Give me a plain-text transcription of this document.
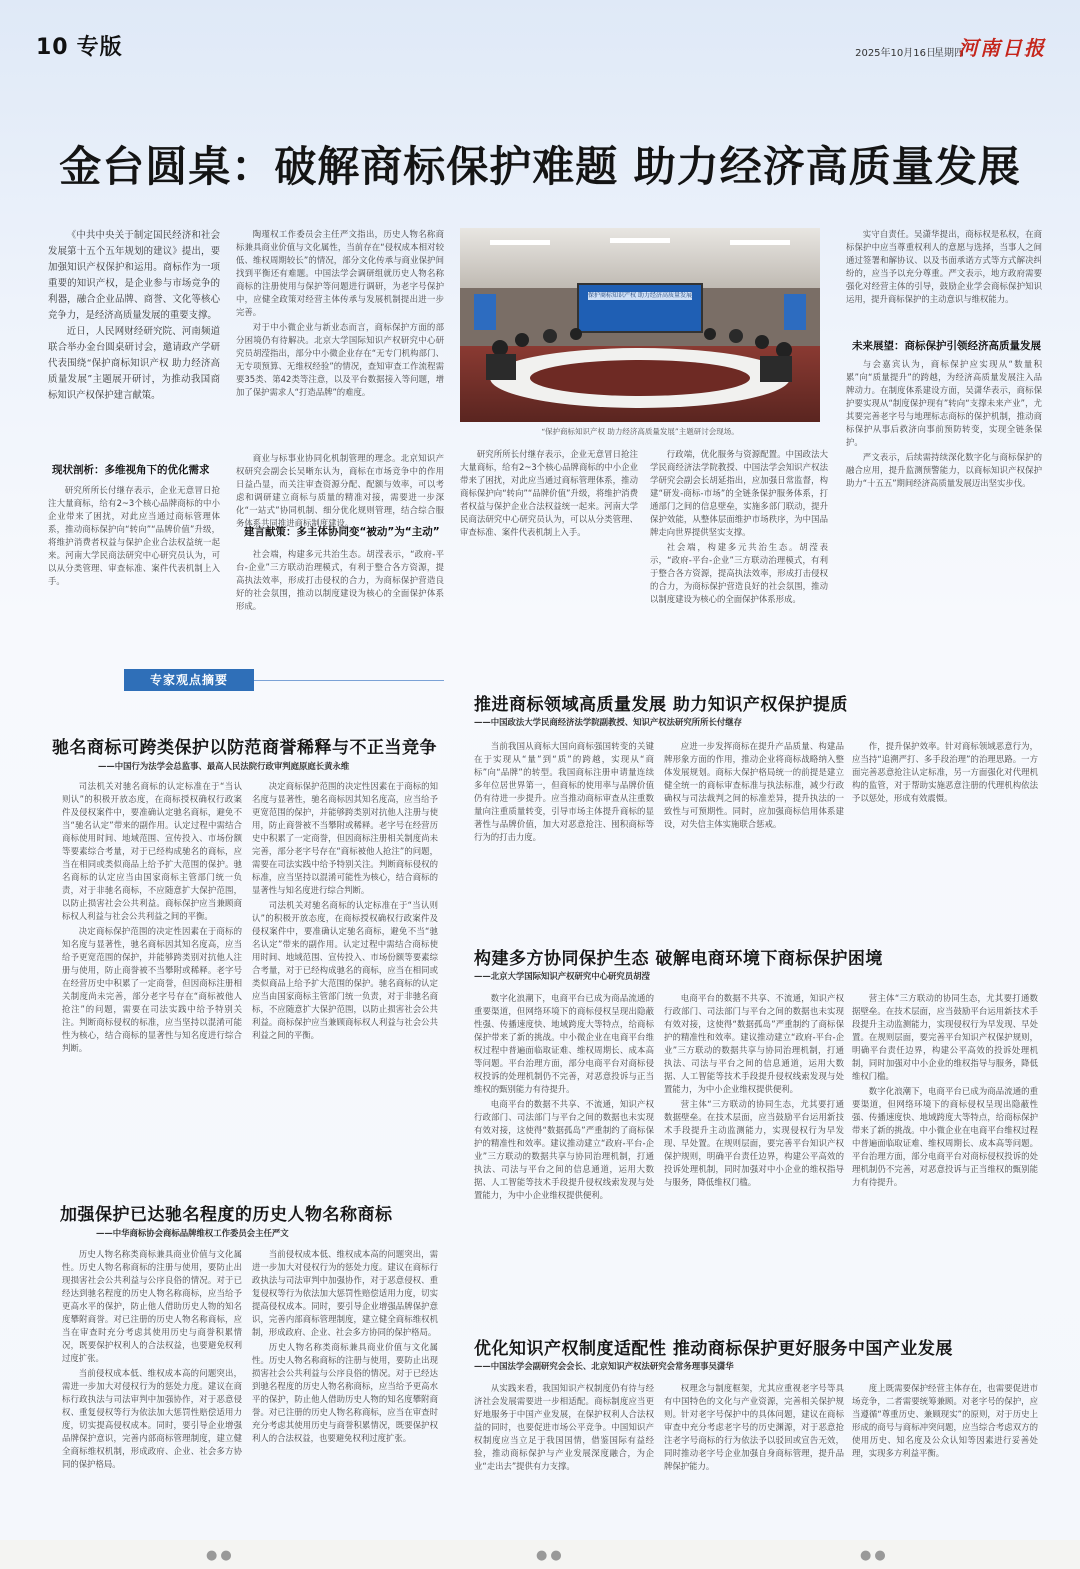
10 专版	2025年10月16日
星期四
河南日报
金台圆桌：破解商标保护难题 助力经济高质量发展

《中共中央关于制定国民经济和社会发展第十五个五年规划的建议》提出，要加强知识产权保护和运用。商标作为一项重要的知识产权，是企业参与市场竞争的利器，融合企业品牌、商誉、文化等核心竞争力，是经济高质量发展的重要支撑。

近日，人民网财经研究院、河南频道联合举办金台圆桌研讨会，邀请政产学研代表围绕“保护商标知识产权 助力经济高质量发展”主题展开研讨，为推动我国商标知识产权保护建言献策。

陶瑾权工作委员会主任严文指出，历史人物名称商标兼具商业价值与文化属性，当前存在“侵权成本相对较低、维权周期较长”的情况，部分文化传承与商业保护间找到平衡还有难题。中国法学会调研组就历史人物名称商标的注册使用与保护等问题进行调研，为老字号保护中，应健全政策对经营主体传承与发展机制提出进一步完善。

对于中小微企业与新业态而言，商标保护方面的部分困境仍有待解决。北京大学国际知识产权研究中心研究员胡滢指出，部分中小微企业存在“无专门机构部门、无专项预算、无维权经验”的情况，查知审查工作流程需要35类、第42类等注意，以及平台数据接入等问题，增加了保护需求人“打造品牌”的难度。

商业与标事业协同化机制管理的理念。北京知识产权研究会副会长吴晰东认为，商标在市场竞争中的作用日益凸显，而关注审查资源分配、配额与效率，可以考虑和调研建立商标与质量的精准对接，需要进一步深化“一站式”协同机制、细分优化规则管理，结合综合服务体系共同推进商标制度建设。

现状剖析：多维视角下的优化需求

研究所所长付继存表示，企业无意冒日抢注大量商标，给有2~3个核心品牌商标的中小企业带来了困扰，对此应当通过商标管理体系，推动商标保护向“转向”“品牌价值”升级，将维护消费者权益与保护企业合法权益统一起来。河南大学民商法研究中心研究员认为，可以从分类管理、审查标准、案件代表机制上入手。

建言献策：多主体协同变“被动”为“主动”

社会端，构建多元共治生态。胡滢表示，“政府-平台-企业”三方联动治理模式，有利于整合各方资源，提高执法效率，形成打击侵权的合力，为商标保护营造良好的社会氛围，推动以制度建设为核心的全面保护体系形成。

保护商标知识产权 助力经济高质量发展
“保护商标知识产权 助力经济高质量发展”主题研讨会现场。

研究所所长付继存表示，企业无意冒日抢注大量商标，给有2~3个核心品牌商标的中小企业带来了困扰，对此应当通过商标管理体系，推动商标保护向“转向”“品牌价值”升级，将维护消费者权益与保护企业合法权益统一起来。河南大学民商法研究中心研究员认为，可以从分类管理、审查标准、案件代表机制上入手。

行政端，优化服务与资源配置。中国政法大学民商经济法学院教授、中国法学会知识产权法学研究会副会长胡延指出，应加强日常监督，构建“研发-商标-市场”的全链条保护服务体系，打通部门之间的信息壁垒，实施多部门联动，提升保护效能，从整体层面维护市场秩序，为中国品牌走向世界提供坚实支撑。

社会端，构建多元共治生态。胡滢表示，“政府-平台-企业”三方联动治理模式，有利于整合各方资源，提高执法效率，形成打击侵权的合力，为商标保护营造良好的社会氛围，推动以制度建设为核心的全面保护体系形成。

实守自责任。吴潇华提出，商标权是私权，在商标保护中应当尊重权利人的意愿与选择，当事人之间通过签署和解协议、以及书面承诺方式等方式解决纠纷的，应当予以充分尊重。严文表示，地方政府需要强化对经营主体的引导，鼓励企业学会商标保护知识运用，提升商标保护的主动意识与维权能力。

未来展望：商标保护引领经济高质量发展

与会嘉宾认为，商标保护应实现从“数量积累”向“质量提升”的跨越，为经济高质量发展注入品牌动力。在制度体系建设方面，吴潇华表示，商标保护要实现从“制度保护现有”转向“支撑未来产业”，尤其要完善老字号与地理标志商标的保护机制，推动商标保护从事后救济向事前预防转变，实现全链条保护。

严文表示，后续需持续深化数字化与商标保护的融合应用，提升监测预警能力，以商标知识产权保护助力“十五五”期间经济高质量发展迈出坚实步伐。

专家观点摘要
驰名商标可跨类保护以防范商誉稀释与不正当竞争
——中国行为法学会总监事、最高人民法院行政审判庭原庭长黄永维

司法机关对驰名商标的认定标准在于“当认则认”的积极开放态度，在商标授权确权行政案件及侵权案件中，要准确认定驰名商标，避免不当“驰名认定”带来的副作用。认定过程中需结合商标使用时间、地域范围、宣传投入、市场份额等要素综合考量，对于已经构成驰名的商标，应当在相同或类似商品上给予扩大范围的保护。驰名商标的认定应当由国家商标主管部门统一负责，对于非驰名商标，不应随意扩大保护范围，以防止损害社会公共利益。商标保护应当兼顾商标权人利益与社会公共利益之间的平衡。

决定商标保护范围的决定性因素在于商标的知名度与显著性，驰名商标因其知名度高，应当给予更宽范围的保护，并能够跨类别对抗他人注册与使用，防止商誉被不当攀附或稀释。老字号在经营历史中积累了一定商誉，但因商标注册相关制度尚未完善，部分老字号存在“商标被他人抢注”的问题，需要在司法实践中给予特别关注。判断商标侵权的标准，应当坚持以混淆可能性为核心，结合商标的显著性与知名度进行综合判断。

决定商标保护范围的决定性因素在于商标的知名度与显著性，驰名商标因其知名度高，应当给予更宽范围的保护，并能够跨类别对抗他人注册与使用，防止商誉被不当攀附或稀释。老字号在经营历史中积累了一定商誉，但因商标注册相关制度尚未完善，部分老字号存在“商标被他人抢注”的问题，需要在司法实践中给予特别关注。判断商标侵权的标准，应当坚持以混淆可能性为核心，结合商标的显著性与知名度进行综合判断。

司法机关对驰名商标的认定标准在于“当认则认”的积极开放态度，在商标授权确权行政案件及侵权案件中，要准确认定驰名商标，避免不当“驰名认定”带来的副作用。认定过程中需结合商标使用时间、地域范围、宣传投入、市场份额等要素综合考量，对于已经构成驰名的商标，应当在相同或类似商品上给予扩大范围的保护。驰名商标的认定应当由国家商标主管部门统一负责，对于非驰名商标，不应随意扩大保护范围，以防止损害社会公共利益。商标保护应当兼顾商标权人利益与社会公共利益之间的平衡。

加强保护已达驰名程度的历史人物名称商标
——中华商标协会商标品牌维权工作委员会主任严文

历史人物名称类商标兼具商业价值与文化属性。历史人物名称商标的注册与使用，要防止出现损害社会公共利益与公序良俗的情况。对于已经达到驰名程度的历史人物名称商标，应当给予更高水平的保护，防止他人借助历史人物的知名度攀附商誉。对已注册的历史人物名称商标，应当在审查时充分考虑其使用历史与商誉积累情况，既要保护权利人的合法权益，也要避免权利过度扩张。

当前侵权成本低、维权成本高的问题突出，需进一步加大对侵权行为的惩处力度。建议在商标行政执法与司法审判中加强协作，对于恶意侵权、重复侵权等行为依法加大惩罚性赔偿适用力度，切实提高侵权成本。同时，要引导企业增强品牌保护意识，完善内部商标管理制度，建立健全商标维权机制，形成政府、企业、社会多方协同的保护格局。

当前侵权成本低、维权成本高的问题突出，需进一步加大对侵权行为的惩处力度。建议在商标行政执法与司法审判中加强协作，对于恶意侵权、重复侵权等行为依法加大惩罚性赔偿适用力度，切实提高侵权成本。同时，要引导企业增强品牌保护意识，完善内部商标管理制度，建立健全商标维权机制，形成政府、企业、社会多方协同的保护格局。

历史人物名称类商标兼具商业价值与文化属性。历史人物名称商标的注册与使用，要防止出现损害社会公共利益与公序良俗的情况。对于已经达到驰名程度的历史人物名称商标，应当给予更高水平的保护，防止他人借助历史人物的知名度攀附商誉。对已注册的历史人物名称商标，应当在审查时充分考虑其使用历史与商誉积累情况，既要保护权利人的合法权益，也要避免权利过度扩张。

推进商标领域高质量发展 助力知识产权保护提质
——中国政法大学民商经济法学院副教授、知识产权法研究所所长付继存

当前我国从商标大国向商标强国转变的关键在于实现从“量”到“质”的跨越，实现从“商标”向“品牌”的转型。我国商标注册申请量连续多年位居世界第一，但商标的使用率与品牌价值仍有待进一步提升。应当推动商标审查从注重数量向注重质量转变，引导市场主体提升商标的显著性与品牌价值，加大对恶意抢注、囤积商标等行为的打击力度。

应进一步发挥商标在提升产品质量、构建品牌形象方面的作用，推动企业将商标战略纳入整体发展规划。商标大保护格局统一的前提是建立健全统一的商标审查标准与执法标准，减少行政确权与司法裁判之间的标准差异，提升执法的一致性与可预期性。同时，应加强商标信用体系建设，对失信主体实施联合惩戒。

作，提升保护效率。针对商标领域恶意行为，应当持“追溯严打、多手段治理”的治理思路。一方面完善恶意抢注认定标准，另一方面强化对代理机构的监管，对于帮助实施恶意注册的代理机构依法予以惩处，形成有效震慑。

构建多方协同保护生态 破解电商环境下商标保护困境
——北京大学国际知识产权研究中心研究员胡滢

数字化浪潮下，电商平台已成为商品流通的重要渠道，但网络环境下的商标侵权呈现出隐蔽性强、传播速度快、地域跨度大等特点，给商标保护带来了新的挑战。中小微企业在电商平台维权过程中普遍面临取证难、维权周期长、成本高等问题。平台治理方面，部分电商平台对商标侵权投诉的处理机制仍不完善，对恶意投诉与正当维权的甄别能力有待提升。

电商平台的数据不共享、不流通，知识产权行政部门、司法部门与平台之间的数据也未实现有效对接，这使得“数据孤岛”严重制约了商标保护的精准性和效率。建议推动建立“政府-平台-企业”三方联动的数据共享与协同治理机制，打通执法、司法与平台之间的信息通道，运用大数据、人工智能等技术手段提升侵权线索发现与处置能力，为中小企业维权提供便利。

电商平台的数据不共享、不流通，知识产权行政部门、司法部门与平台之间的数据也未实现有效对接，这使得“数据孤岛”严重制约了商标保护的精准性和效率。建议推动建立“政府-平台-企业”三方联动的数据共享与协同治理机制，打通执法、司法与平台之间的信息通道，运用大数据、人工智能等技术手段提升侵权线索发现与处置能力，为中小企业维权提供便利。

营主体“三方联动的协同生态，尤其要打通数据壁垒。在技术层面，应当鼓励平台运用新技术手段提升主动监测能力，实现侵权行为早发现、早处置。在规则层面，要完善平台知识产权保护规则，明确平台责任边界，构建公平高效的投诉处理机制，同时加强对中小企业的维权指导与服务，降低维权门槛。

营主体“三方联动的协同生态，尤其要打通数据壁垒。在技术层面，应当鼓励平台运用新技术手段提升主动监测能力，实现侵权行为早发现、早处置。在规则层面，要完善平台知识产权保护规则，明确平台责任边界，构建公平高效的投诉处理机制，同时加强对中小企业的维权指导与服务，降低维权门槛。

数字化浪潮下，电商平台已成为商品流通的重要渠道，但网络环境下的商标侵权呈现出隐蔽性强、传播速度快、地域跨度大等特点，给商标保护带来了新的挑战。中小微企业在电商平台维权过程中普遍面临取证难、维权周期长、成本高等问题。平台治理方面，部分电商平台对商标侵权投诉的处理机制仍不完善，对恶意投诉与正当维权的甄别能力有待提升。

优化知识产权制度适配性 推动商标保护更好服务中国产业发展
——中国法学会副研究会会长、北京知识产权法研究会常务理事吴潇华

从实践来看，我国知识产权制度仍有待与经济社会发展需要进一步相适配。商标制度应当更好地服务于中国产业发展，在保护权利人合法权益的同时，也要促进市场公平竞争。中国知识产权制度应当立足于我国国情，借鉴国际有益经验，推动商标保护与产业发展深度融合，为企业“走出去”提供有力支撑。

权理念与制度框架，尤其应重视老字号等具有中国特色的文化与产业资源，完善相关保护规则。针对老字号保护中的具体问题，建议在商标审查中充分考虑老字号的历史渊源，对于恶意抢注老字号商标的行为依法予以驳回或宣告无效，同时推动老字号企业加强自身商标管理，提升品牌保护能力。

度上既需要保护经营主体存在，也需要促进市场竞争，二者需要统筹兼顾。对老字号的保护，应当遵循“尊重历史、兼顾现实”的原则，对于历史上形成的商号与商标冲突问题，应当综合考虑双方的使用历史、知名度及公众认知等因素进行妥善处理，实现多方利益平衡。

●●	●●	●●
